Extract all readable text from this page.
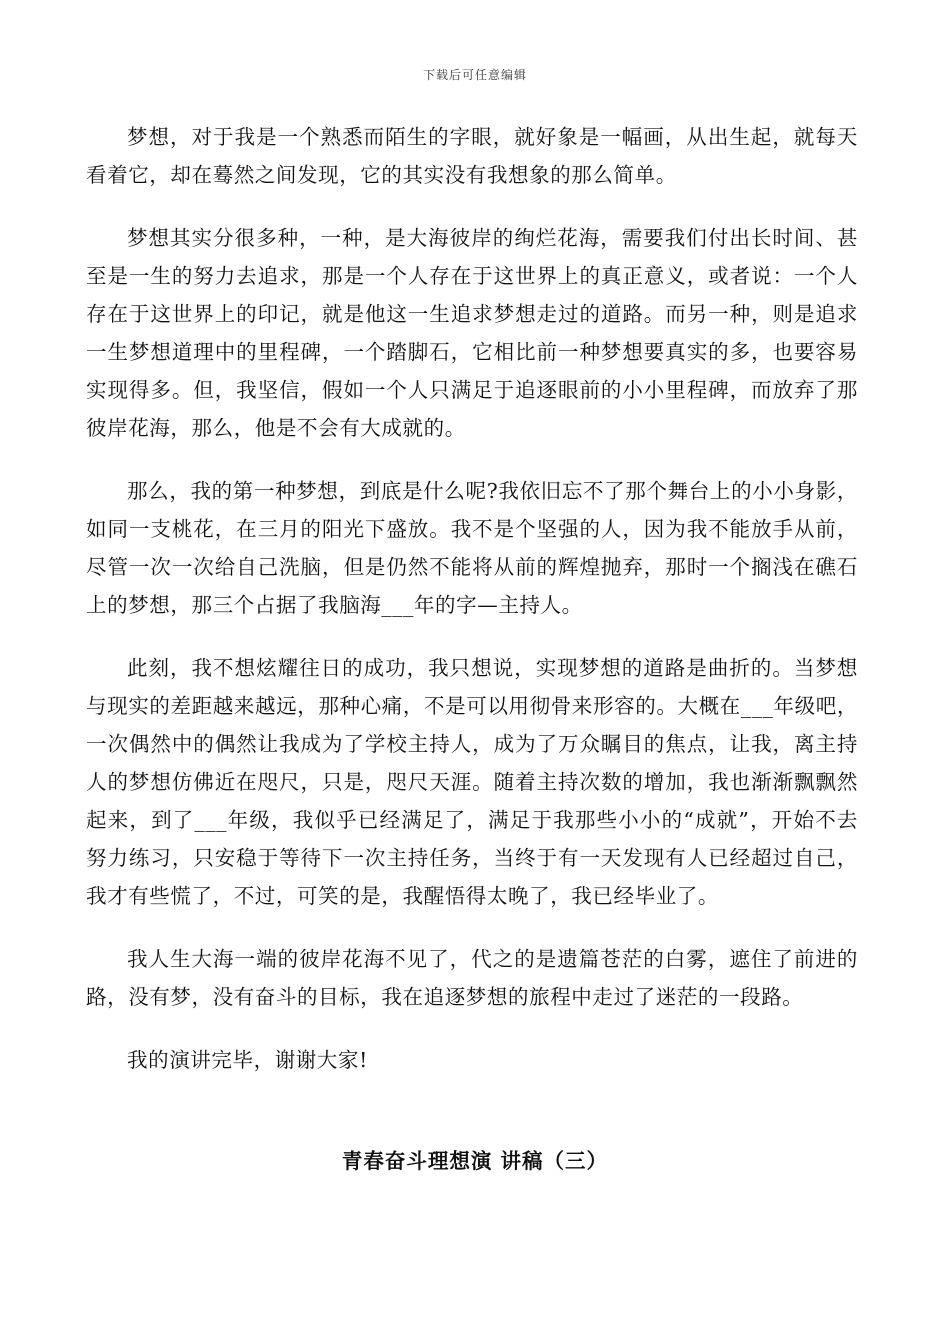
下载后可任意编辑

梦想，对于我是一个熟悉而陌生的字眼，就好象是一幅画，从出生起，就每天看着它，却在蓦然之间发现，它的其实没有我想象的那么简单。

梦想其实分很多种，一种，是大海彼岸的绚烂花海，需要我们付出长时间、甚至是一生的努力去追求，那是一个人存在于这世界上的真正意义，或者说：一个人存在于这世界上的印记，就是他这一生追求梦想走过的道路。而另一种，则是追求一生梦想道理中的里程碑，一个踏脚石，它相比前一种梦想要真实的多，也要容易实现得多。但，我坚信，假如一个人只满足于追逐眼前的小小里程碑，而放弃了那彼岸花海，那么，他是不会有大成就的。

那么，我的第一种梦想，到底是什么呢?我依旧忘不了那个舞台上的小小身影，如同一支桃花，在三月的阳光下盛放。我不是个坚强的人，因为我不能放手从前，尽管一次一次给自己洗脑，但是仍然不能将从前的辉煌抛弃，那时一个搁浅在礁石上的梦想，那三个占据了我脑海___年的字—主持人。

此刻，我不想炫耀往日的成功，我只想说，实现梦想的道路是曲折的。当梦想与现实的差距越来越远，那种心痛，不是可以用彻骨来形容的。大概在___年级吧，一次偶然中的偶然让我成为了学校主持人，成为了万众瞩目的焦点，让我，离主持人的梦想仿佛近在咫尺，只是，咫尺天涯。随着主持次数的增加，我也渐渐飘飘然起来，到了___年级，我似乎已经满足了，满足于我那些小小的“成就”，开始不去努力练习，只安稳于等待下一次主持任务，当终于有一天发现有人已经超过自己，我才有些慌了，不过，可笑的是，我醒悟得太晚了，我已经毕业了。

我人生大海一端的彼岸花海不见了，代之的是遗篇苍茫的白雾，遮住了前进的路，没有梦，没有奋斗的目标，我在追逐梦想的旅程中走过了迷茫的一段路。

我的演讲完毕，谢谢大家!

青春奋斗理想演 讲稿（三）
